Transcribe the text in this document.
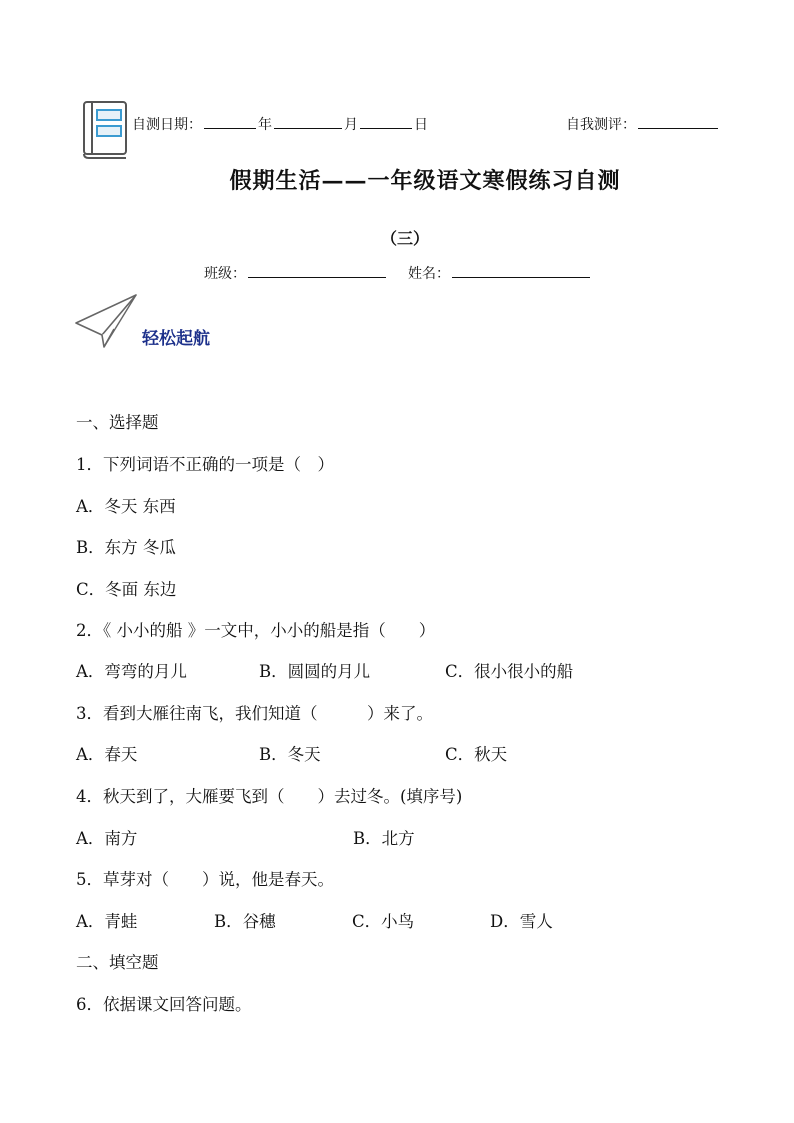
自测日期：	年	月	日	自我测评：
假期生活——一年级语文寒假练习自测
（三）
班级：	姓名：
轻松起航
一、选择题
1．下列词语不正确的一项是（　）
A．冬天 东西
B．东方 冬瓜
C．冬面 东边
2．《 小小的船 》一文中，小小的船是指（　　）
A．弯弯的月儿	B．圆圆的月儿	C．很小很小的船
3．看到大雁往南飞，我们知道（　　　）来了。
A．春天	B．冬天	C．秋天
4．秋天到了，大雁要飞到（　　）去过冬。(填序号)
A．南方	B．北方
5．草芽对（　　）说，他是春天。
A．青蛙	B．谷穗	C．小鸟	D．雪人
二、填空题
6．依据课文回答问题。
